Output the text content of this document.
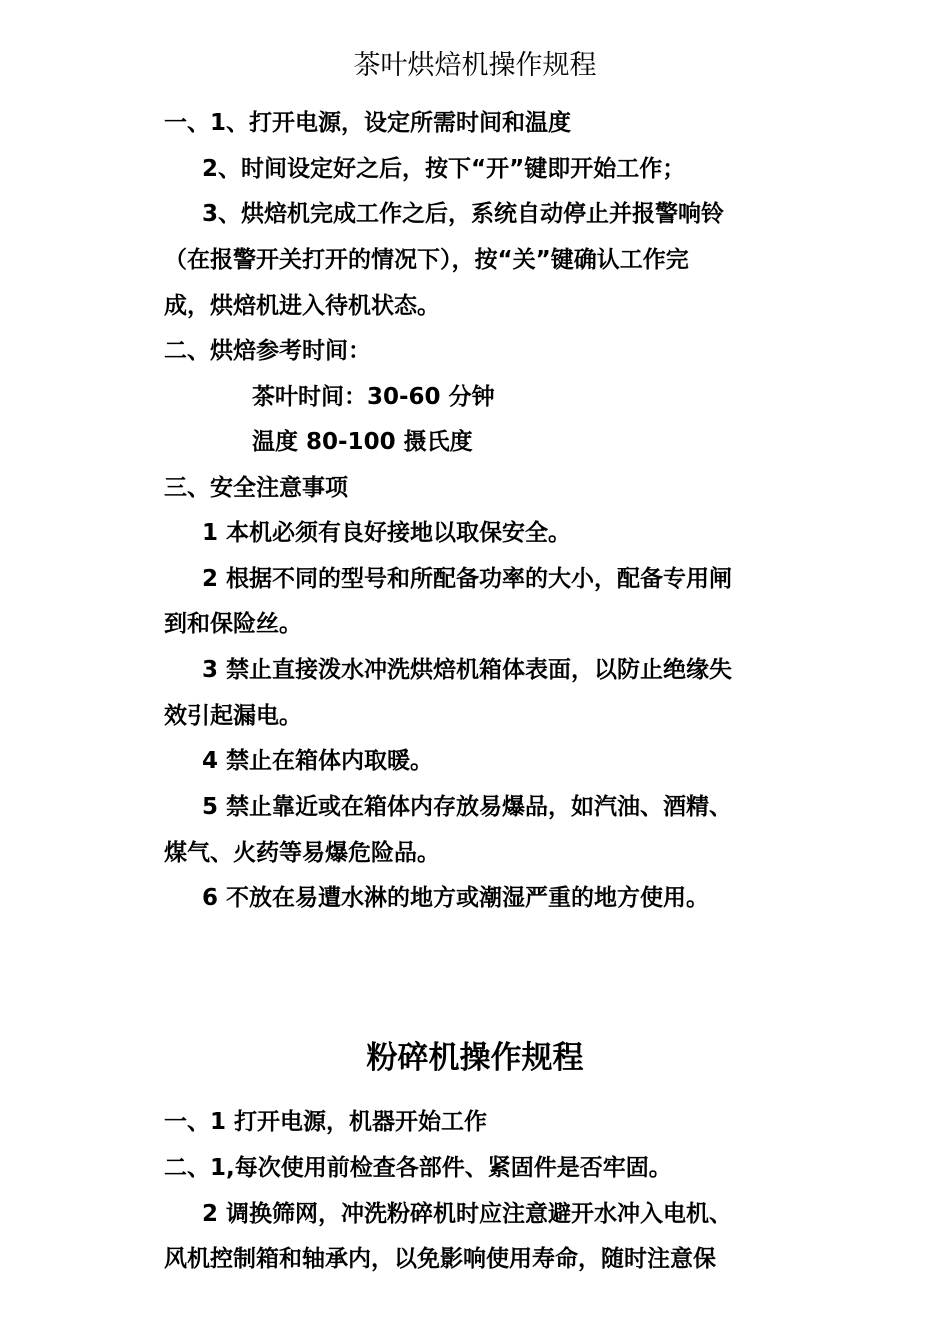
茶叶烘焙机操作规程

一、1、打开电源，设定所需时间和温度

2、时间设定好之后，按下“开”键即开始工作；

3、烘焙机完成工作之后，系统自动停止并报警响铃

（在报警开关打开的情况下），按“关”键确认工作完

成，烘焙机进入待机状态。

二、烘焙参考时间：

茶叶时间：30-60 分钟

温度 80-100 摄氏度

三、安全注意事项

1 本机必须有良好接地以取保安全。

2 根据不同的型号和所配备功率的大小，配备专用闸

到和保险丝。

3 禁止直接泼水冲洗烘焙机箱体表面，以防止绝缘失

效引起漏电。

4 禁止在箱体内取暖。

5 禁止靠近或在箱体内存放易爆品，如汽油、酒精、

煤气、火药等易爆危险品。

6 不放在易遭水淋的地方或潮湿严重的地方使用。

粉碎机操作规程

一、1 打开电源，机器开始工作

二、1,每次使用前检查各部件、紧固件是否牢固。

2 调换筛网，冲洗粉碎机时应注意避开水冲入电机、

风机控制箱和轴承内，以免影响使用寿命，随时注意保
